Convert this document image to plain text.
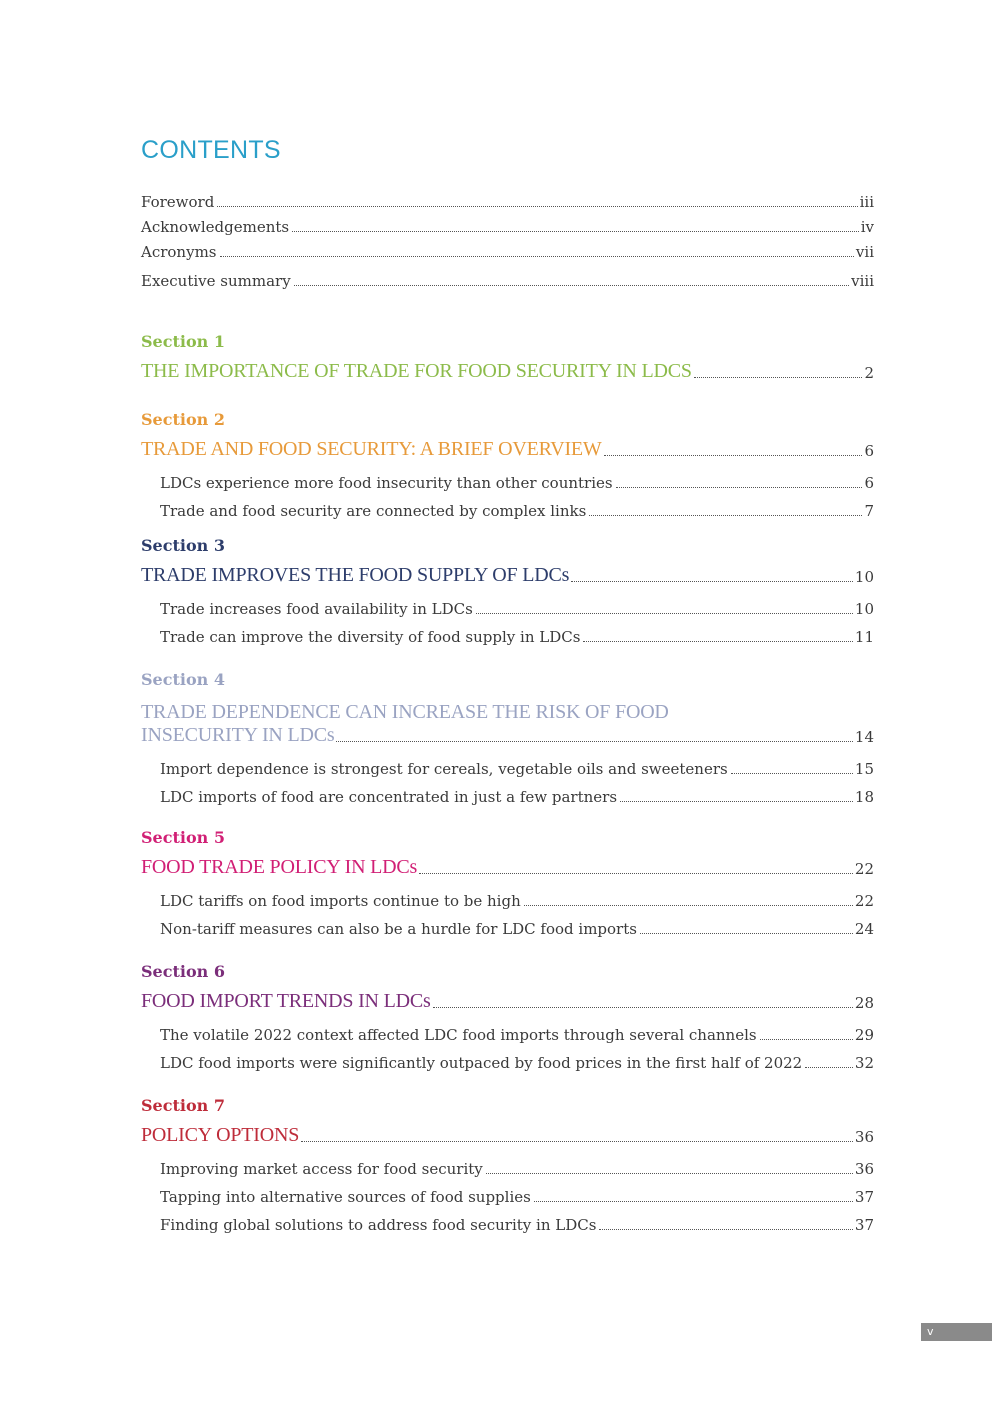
CONTENTS
Foreword	iii
Acknowledgements	iv
Acronyms	vii
Executive summary	viii
Section 1
THE IMPORTANCE OF TRADE FOR FOOD SECURITY IN LDCS	2
Section 2
TRADE AND FOOD SECURITY: A BRIEF OVERVIEW	6
LDCs experience more food insecurity than other countries	6
Trade and food security are connected by complex links	7
Section 3
TRADE IMPROVES THE FOOD SUPPLY OF LDCs	10
Trade increases food availability in LDCs	10
Trade can improve the diversity of food supply in LDCs	11
Section 4
TRADE DEPENDENCE CAN INCREASE THE RISK OF FOOD
INSECURITY IN LDCs	14
Import dependence is strongest for cereals, vegetable oils and sweeteners	15
LDC imports of food are concentrated in just a few partners	18
Section 5
FOOD TRADE POLICY IN LDCs	22
LDC tariffs on food imports continue to be high	22
Non-tariff measures can also be a hurdle for LDC food imports	24
Section 6
FOOD IMPORT TRENDS IN LDCs	28
The volatile 2022 context affected LDC food imports through several channels	29
LDC food imports were significantly outpaced by food prices in the first half of 2022	32
Section 7
POLICY OPTIONS	36
Improving market access for food security	36
Tapping into alternative sources of food supplies	37
Finding global solutions to address food security in LDCs	37
v
